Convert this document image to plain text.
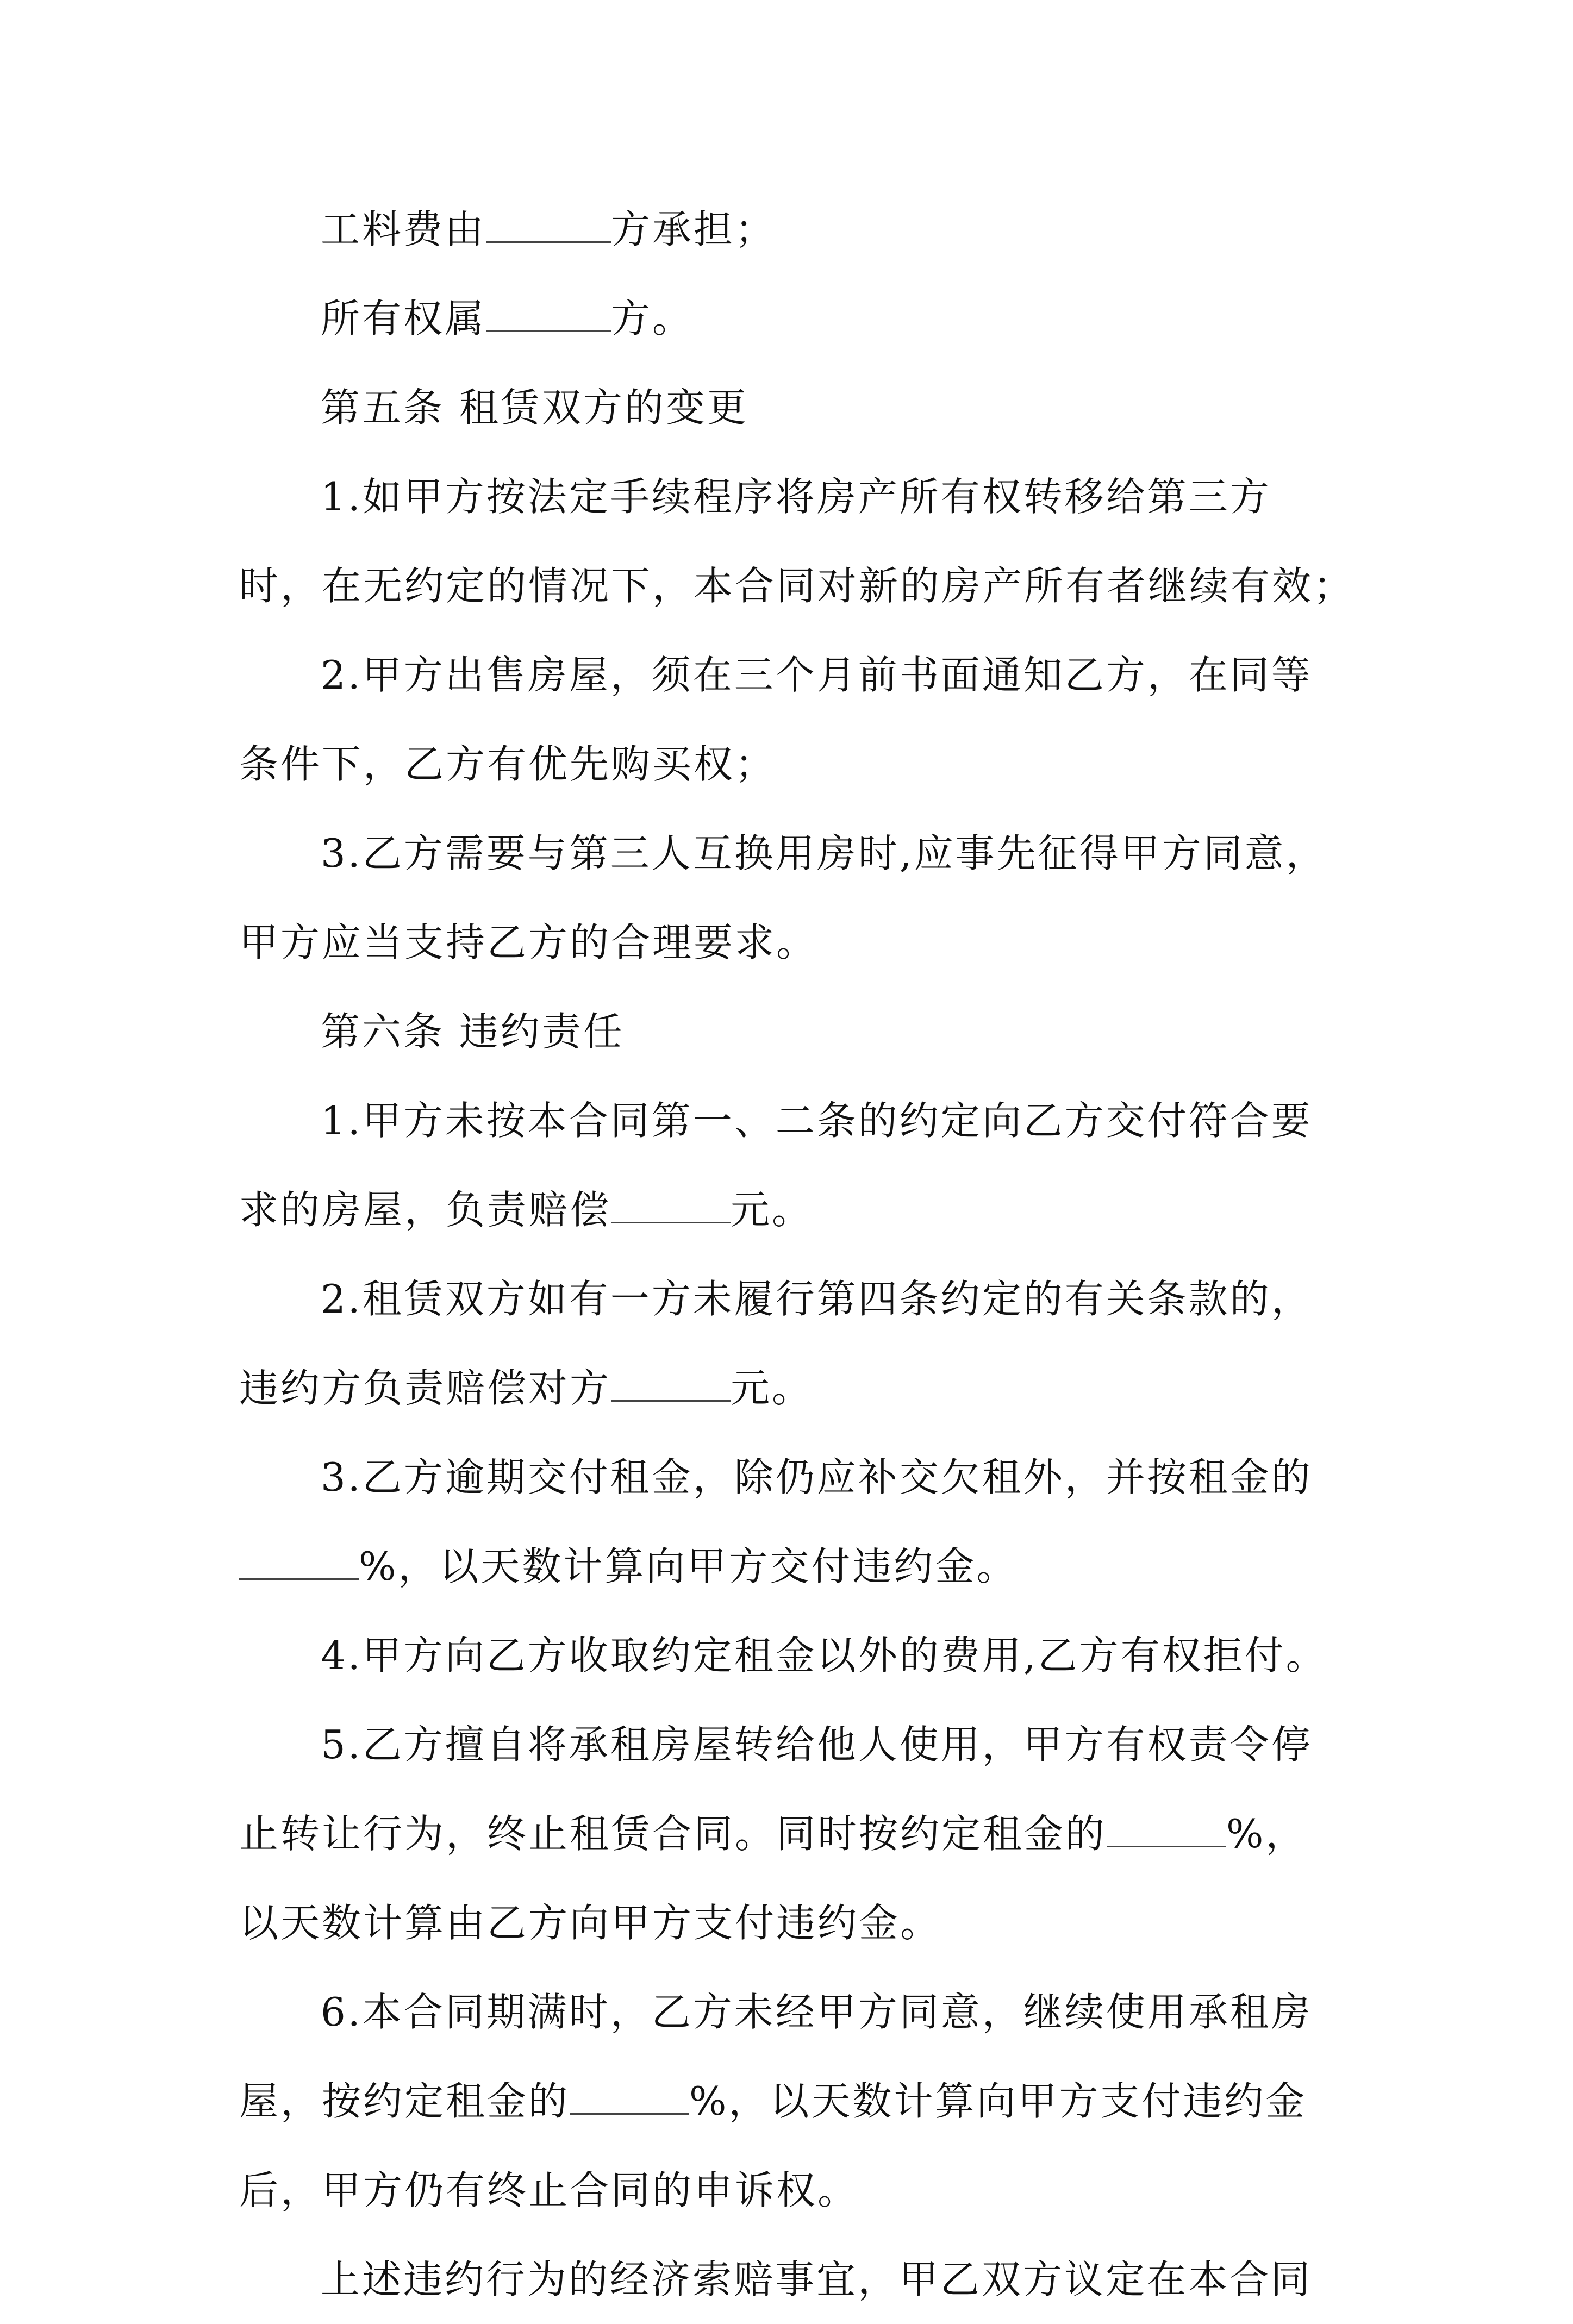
工料费由	方承担；
所有权属	方。
第五条 租赁双方的变更
1.如甲方按法定手续程序将房产所有权转移给第三方
时，在无约定的情况下，本合同对新的房产所有者继续有效；
2.甲方出售房屋，须在三个月前书面通知乙方，在同等
条件下，乙方有优先购买权；
3.乙方需要与第三人互换用房时,应事先征得甲方同意，
甲方应当支持乙方的合理要求。
第六条 违约责任
1.甲方未按本合同第一、二条的约定向乙方交付符合要
求的房屋，负责赔偿	元。
2.租赁双方如有一方未履行第四条约定的有关条款的，
违约方负责赔偿对方	元。
3.乙方逾期交付租金，除仍应补交欠租外，并按租金的
%，以天数计算向甲方交付违约金。
4.甲方向乙方收取约定租金以外的费用,乙方有权拒付。
5.乙方擅自将承租房屋转给他人使用，甲方有权责令停
止转让行为，终止租赁合同。同时按约定租金的	%，
以天数计算由乙方向甲方支付违约金。
6.本合同期满时，乙方未经甲方同意，继续使用承租房
屋，按约定租金的	%，以天数计算向甲方支付违约金
后，甲方仍有终止合同的申诉权。
上述违约行为的经济索赔事宜，甲乙双方议定在本合同
